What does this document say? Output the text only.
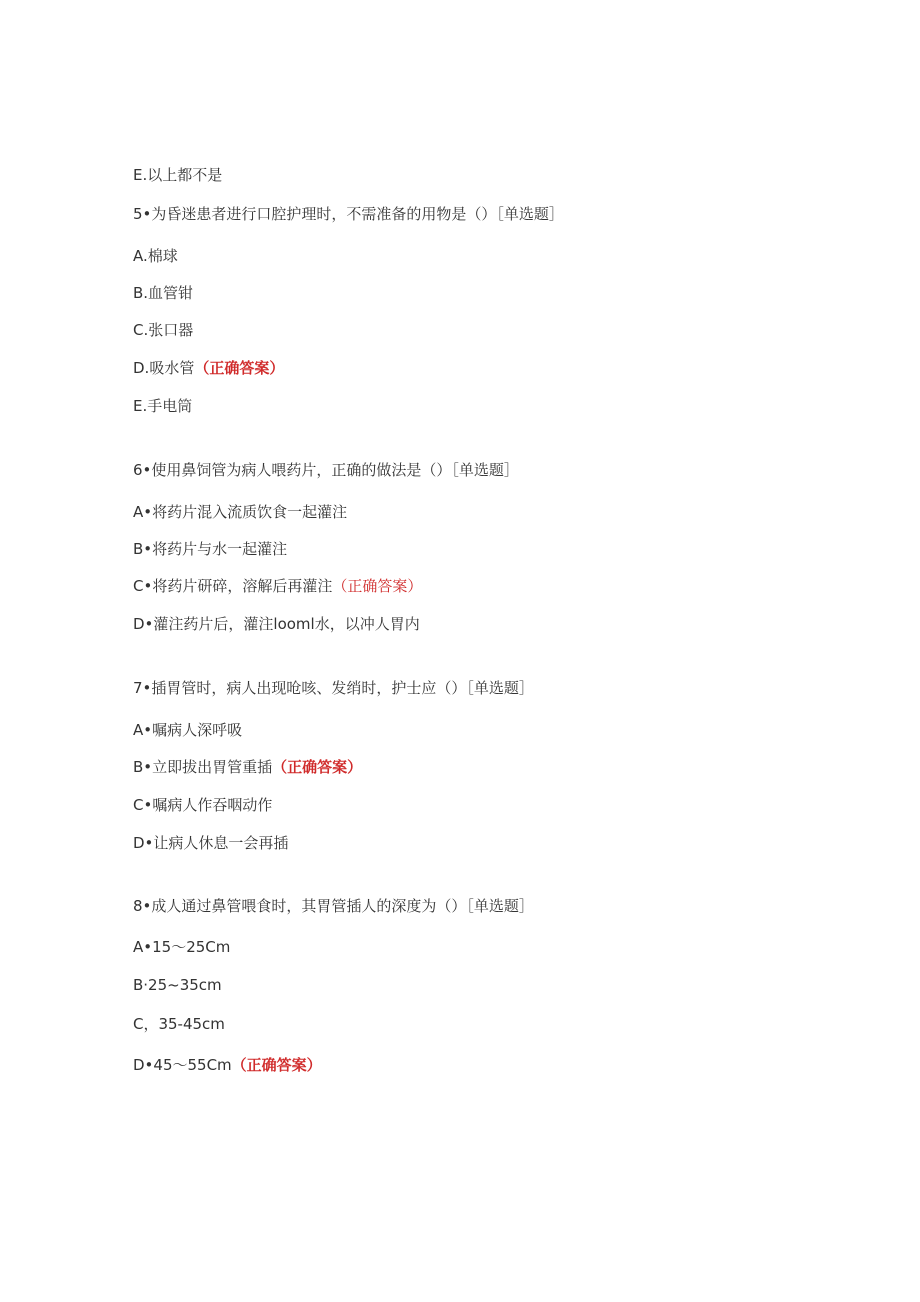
E.以上都不是
5•为昏迷患者进行口腔护理时，不需准备的用物是（）［单选题］
A.棉球
B.血管钳
C.张口器
D.吸水管（正确答案）
E.手电筒
6•使用鼻饲管为病人喂药片，正确的做法是（）［单选题］
A•将药片混入流质饮食一起灌注
B•将药片与水一起灌注
C•将药片研碎，溶解后再灌注（正确答案）
D•灌注药片后，灌注looml水，以冲人胃内
7•插胃管时，病人出现呛咳、发绡时，护士应（）［单选题］
A•嘱病人深呼吸
B•立即拔出胃管重插（正确答案）
C•嘱病人作吞咽动作
D•让病人休息一会再插
8•成人通过鼻管喂食时，其胃管插人的深度为（）［单选题］
A•15～25Cm
B·25~35cm
C，35-45cm
D•45～55Cm（正确答案）
